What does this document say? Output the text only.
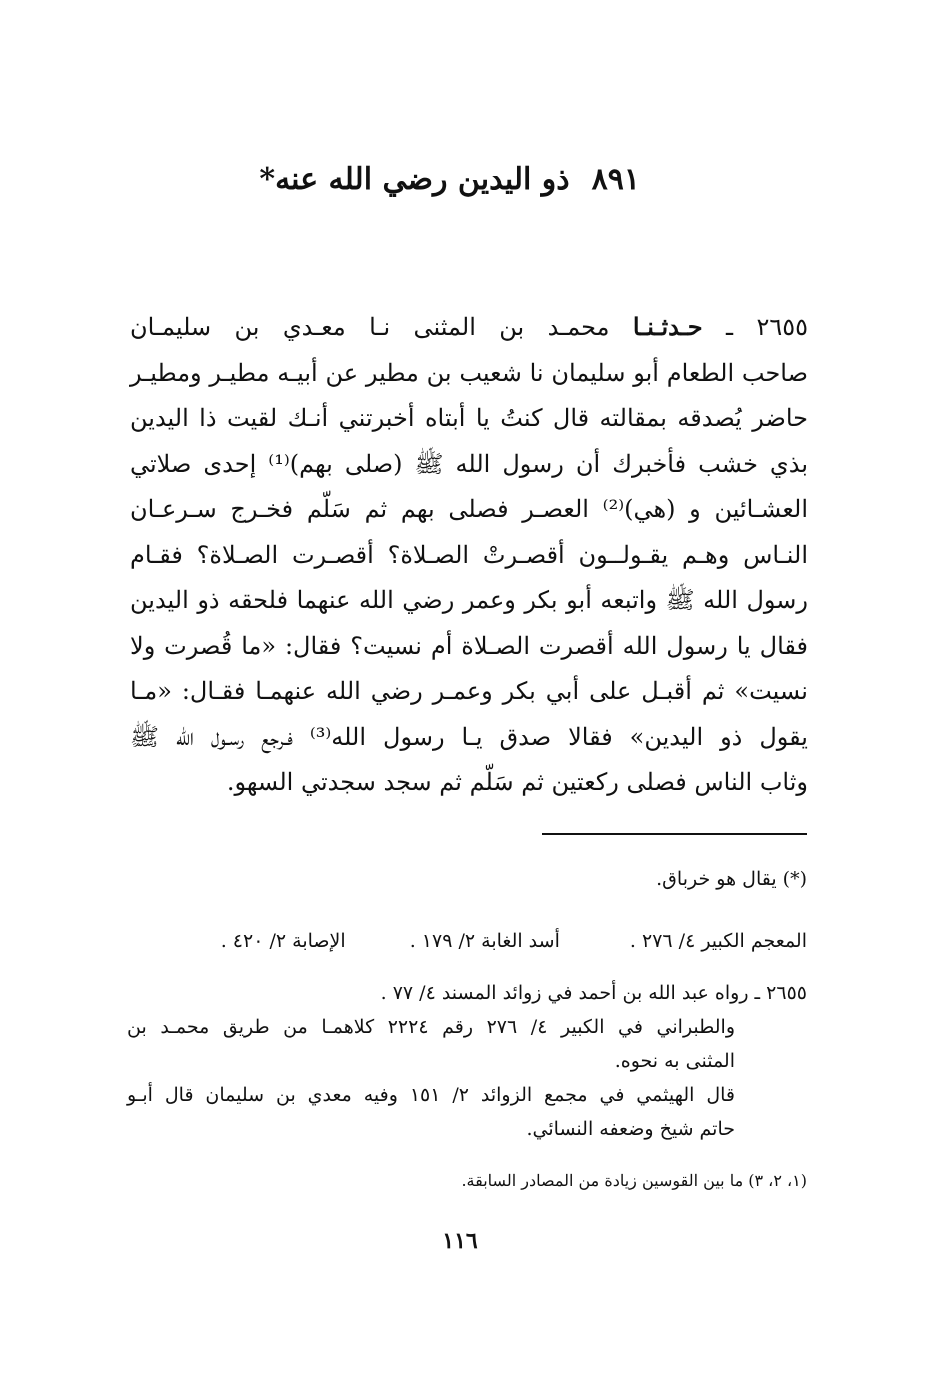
٨٩١ذو اليدين رضي الله عنه*
٢٦٥٥ ـ حـدثـنـا محمـد بن المثنى نـا معـدي بن سليمـان
صاحب الطعام أبو سليمان نا شعيب بن مطير عن أبيـه مطيـر ومطيـر
حاضر يُصدقه بمقالته قال كنتُ يا أبتاه أخبرتني أنـك لقيت ذا اليدين
بذي خشب فأخبرك أن رسول الله ﷺ (صلى بهم)⁽¹⁾ إحدى صلاتي
العشـائين و (هي)⁽²⁾ العصـر فصلى بهم ثم سَلّم فخـرج سـرعـان
النـاس وهـم يقـولــون أقصـرتْ الصـلاة؟ أقصـرت الصـلاة؟ فقـام
رسول الله ﷺ واتبعه أبو بكر وعمر رضي الله عنهما فلحقه ذو اليدين
فقال يا رسول الله أقصرت الصـلاة أم نسيت؟ فقال: «ما قُصرت ولا
نسيت» ثم أقبـل على أبي بكر وعمـر رضي الله عنهمـا فقـال: «مـا
يقول ذو اليدين» فقالا صدق يـا رسول الله⁽³⁾ فـرجع رسـول الله ﷺ
وثاب الناس فصلى ركعتين ثم سَلّم ثم سجد سجدتي السهو.
(*) يقال هو خرباق.
المعجم الكبير ٤/ ٢٧٦ . أسد الغابة ٢/ ١٧٩ . الإصابة ٢/ ٤٢٠ .
٢٦٥٥ ـ رواه عبد الله بن أحمد في زوائد المسند ٤/ ٧٧ .
والطبراني في الكبير ٤/ ٢٧٦ رقم ٢٢٢٤ كلاهمـا من طريق محمـد بن
المثنى به نحوه.
قال الهيثمي في مجمع الزوائد ٢/ ١٥١ وفيه معدي بن سليمان قال أبـو
حاتم شيخ وضعفه النسائي.
(١، ٢، ٣) ما بين القوسين زيادة من المصادر السابقة.
١١٦
